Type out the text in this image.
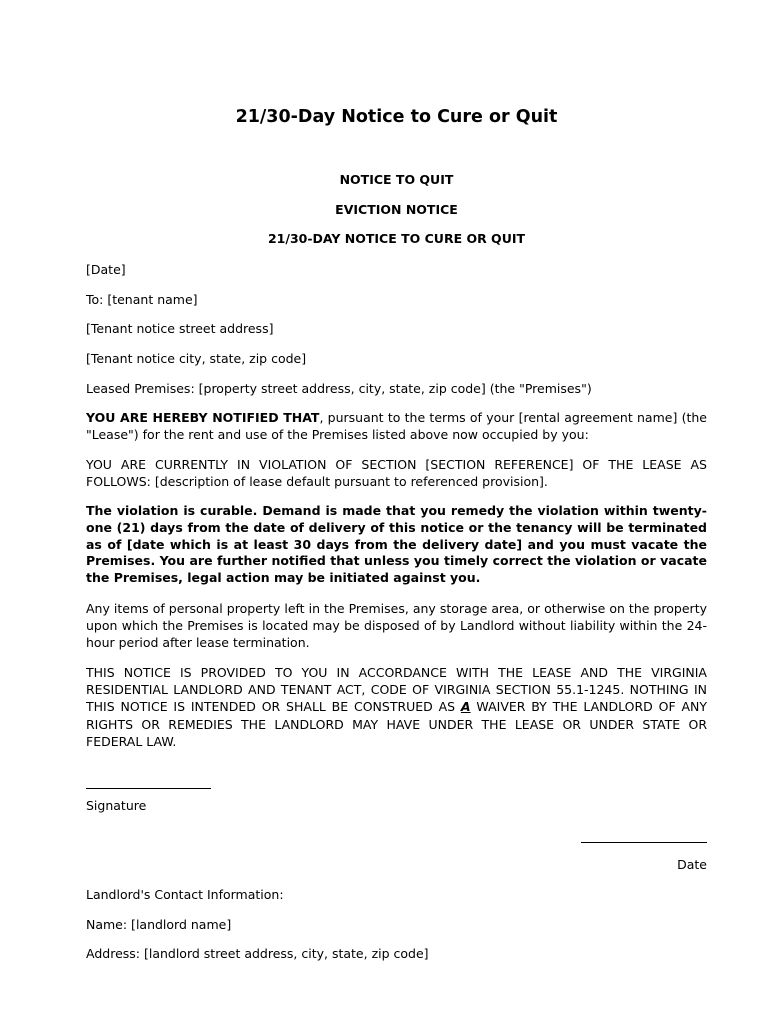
21/30-Day Notice to Cure or Quit
NOTICE TO QUIT
EVICTION NOTICE
21/30-DAY NOTICE TO CURE OR QUIT
[Date]
To: [tenant name]
[Tenant notice street address]
[Tenant notice city, state, zip code]
Leased Premises: [property street address, city, state, zip code] (the "Premises")
YOU ARE HEREBY NOTIFIED THAT, pursuant to the terms of your [rental agreement name] (the "Lease") for the rent and use of the Premises listed above now occupied by you:
YOU ARE CURRENTLY IN VIOLATION OF SECTION [SECTION REFERENCE] OF THE LEASE AS FOLLOWS: [description of lease default pursuant to referenced provision].
The violation is curable. Demand is made that you remedy the violation within twenty-one (21) days from the date of delivery of this notice or the tenancy will be terminated as of [date which is at least 30 days from the delivery date] and you must vacate the Premises. You are further notified that unless you timely correct the violation or vacate the Premises, legal action may be initiated against you.
Any items of personal property left in the Premises, any storage area, or otherwise on the property upon which the Premises is located may be disposed of by Landlord without liability within the 24-hour period after lease termination.
THIS NOTICE IS PROVIDED TO YOU IN ACCORDANCE WITH THE LEASE AND THE VIRGINIA RESIDENTIAL LANDLORD AND TENANT ACT, CODE OF VIRGINIA SECTION 55.1-1245. NOTHING IN THIS NOTICE IS INTENDED OR SHALL BE CONSTRUED AS A WAIVER BY THE LANDLORD OF ANY RIGHTS OR REMEDIES THE LANDLORD MAY HAVE UNDER THE LEASE OR UNDER STATE OR FEDERAL LAW.
Signature
Date
Landlord's Contact Information:
Name: [landlord name]
Address: [landlord street address, city, state, zip code]
